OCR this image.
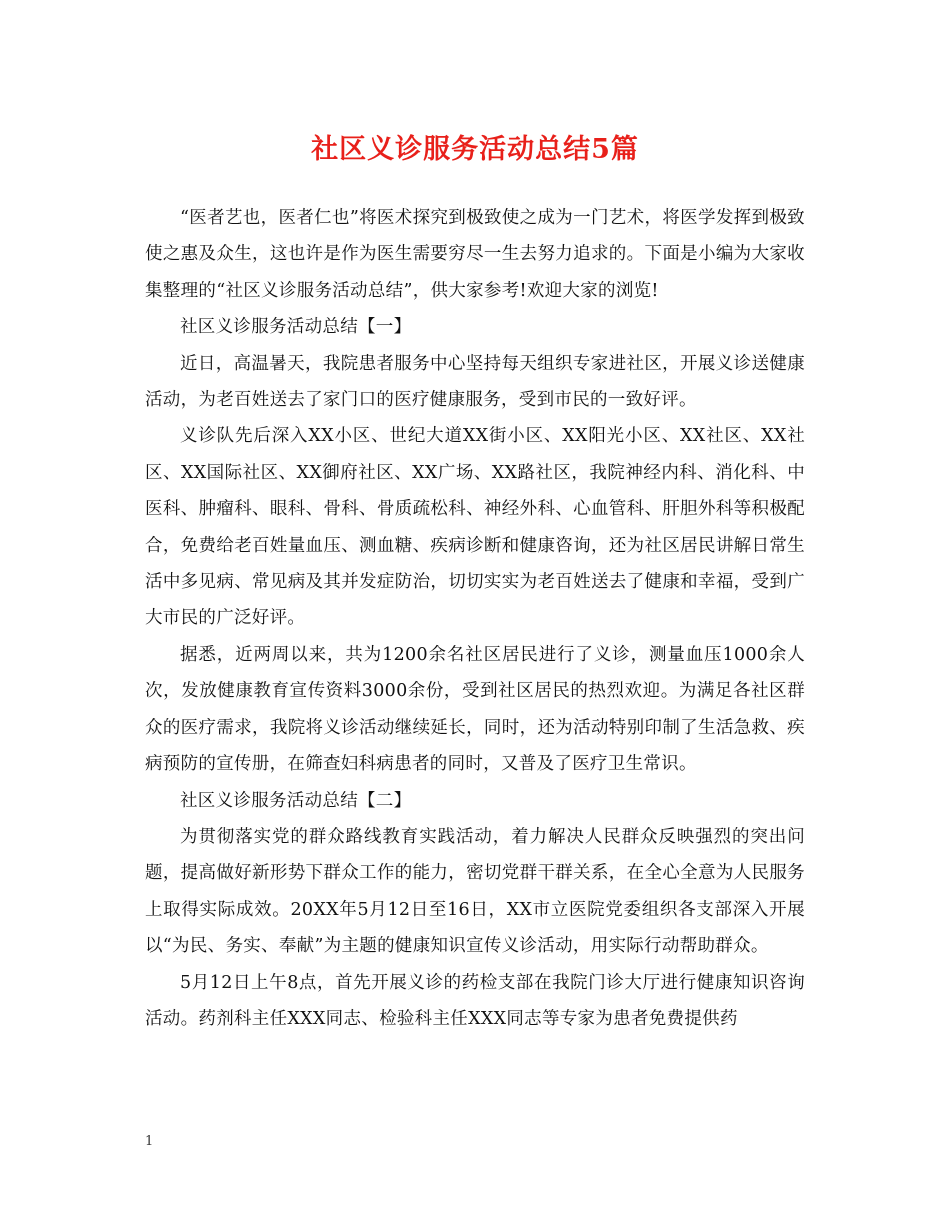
社区义诊服务活动总结5篇

“医者艺也，医者仁也”将医术探究到极致使之成为一门艺术，将医学发挥到极致使之惠及众生，这也许是作为医生需要穷尽一生去努力追求的。下面是小编为大家收集整理的“社区义诊服务活动总结”，供大家参考!欢迎大家的浏览!

社区义诊服务活动总结【一】

近日，高温暑天，我院患者服务中心坚持每天组织专家进社区，开展义诊送健康活动，为老百姓送去了家门口的医疗健康服务，受到市民的一致好评。

义诊队先后深入XX小区、世纪大道XX街小区、XX阳光小区、XX社区、XX社区、XX国际社区、XX御府社区、XX广场、XX路社区，我院神经内科、消化科、中医科、肿瘤科、眼科、骨科、骨质疏松科、神经外科、心血管科、肝胆外科等积极配合，免费给老百姓量血压、测血糖、疾病诊断和健康咨询，还为社区居民讲解日常生活中多见病、常见病及其并发症防治，切切实实为老百姓送去了健康和幸福，受到广大市民的广泛好评。

据悉，近两周以来，共为1200余名社区居民进行了义诊，测量血压1000余人次，发放健康教育宣传资料3000余份，受到社区居民的热烈欢迎。为满足各社区群众的医疗需求，我院将义诊活动继续延长，同时，还为活动特别印制了生活急救、疾病预防的宣传册，在筛查妇科病患者的同时，又普及了医疗卫生常识。

社区义诊服务活动总结【二】

为贯彻落实党的群众路线教育实践活动，着力解决人民群众反映强烈的突出问题，提高做好新形势下群众工作的能力，密切党群干群关系，在全心全意为人民服务上取得实际成效。20XX年5月12日至16日，XX市立医院党委组织各支部深入开展以“为民、务实、奉献”为主题的健康知识宣传义诊活动，用实际行动帮助群众。

5月12日上午8点，首先开展义诊的药检支部在我院门诊大厅进行健康知识咨询活动。药剂科主任XXX同志、检验科主任XXX同志等专家为患者免费提供药

1
